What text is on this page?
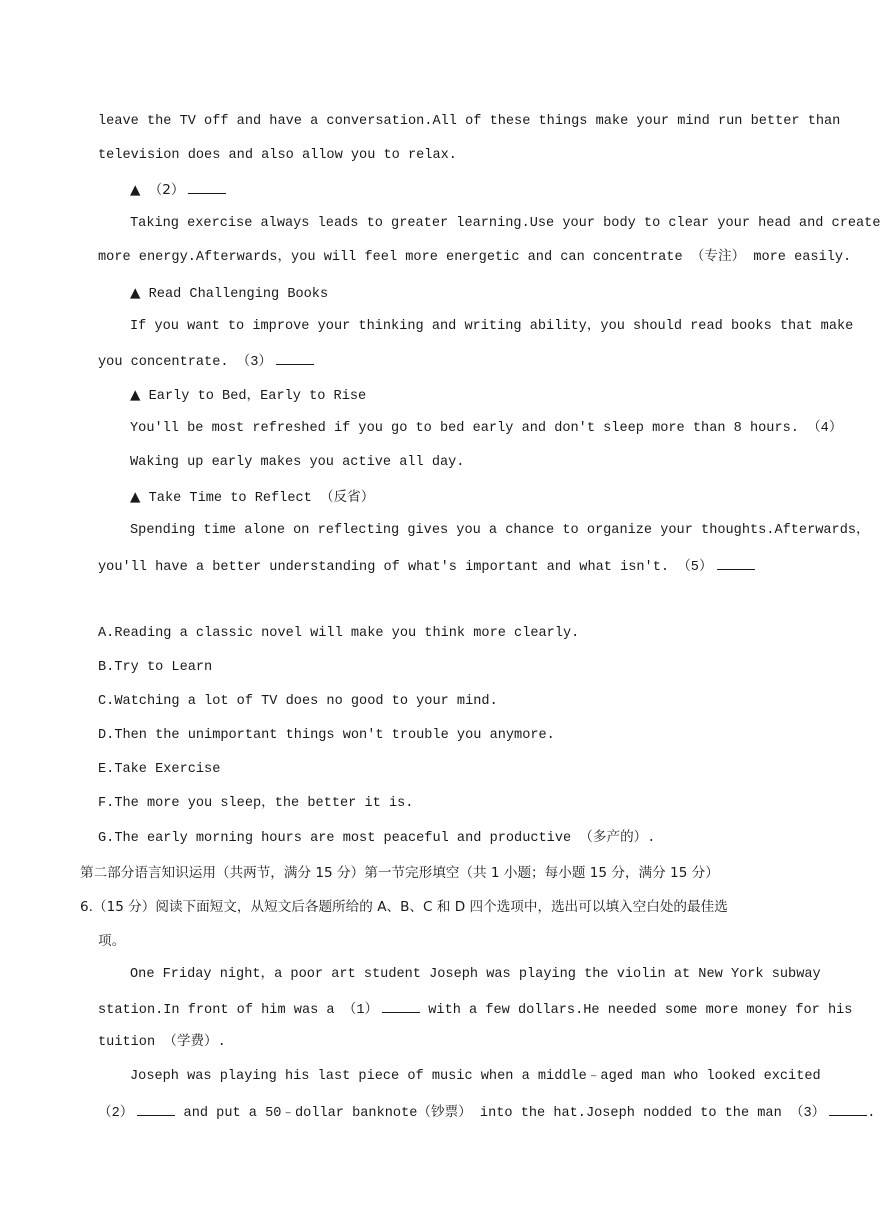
leave the TV off and have a conversation.All of these things make your mind run better than
television does and also allow you to relax.
▲ （2）
Taking exercise always leads to greater learning.Use your body to clear your head and create
more energy.Afterwards，you will feel more energetic and can concentrate （专注） more easily.
▲ Read Challenging Books
If you want to improve your thinking and writing ability，you should read books that make
you concentrate. （3）
▲ Early to Bed，Early to Rise
You'll be most refreshed if you go to bed early and don't sleep more than 8 hours. （4）
Waking up early makes you active all day.
▲ Take Time to Reflect （反省）
Spending time alone on reflecting gives you a chance to organize your thoughts.Afterwards，
you'll have a better understanding of what's important and what isn't. （5）
A.Reading a classic novel will make you think more clearly.
B.Try to Learn
C.Watching a lot of TV does no good to your mind.
D.Then the unimportant things won't trouble you anymore.
E.Take Exercise
F.The more you sleep，the better it is.
G.The early morning hours are most peaceful and productive （多产的）.
第二部分语言知识运用（共两节，满分 15 分）第一节完形填空（共 1 小题；每小题 15 分，满分 15 分）
6.（15 分）阅读下面短文，从短文后各题所给的 A、B、C 和 D 四个选项中，选出可以填入空白处的最佳选
项。
One Friday night，a poor art student Joseph was playing the violin at New York subway
station.In front of him was a （1）	with a few dollars.He needed some more money for his
tuition （学费）.
Joseph was playing his last piece of music when a middle﹣aged man who looked excited
（2）	and put a 50﹣dollar banknote（钞票） into the hat.Joseph nodded to the man （3）	.
